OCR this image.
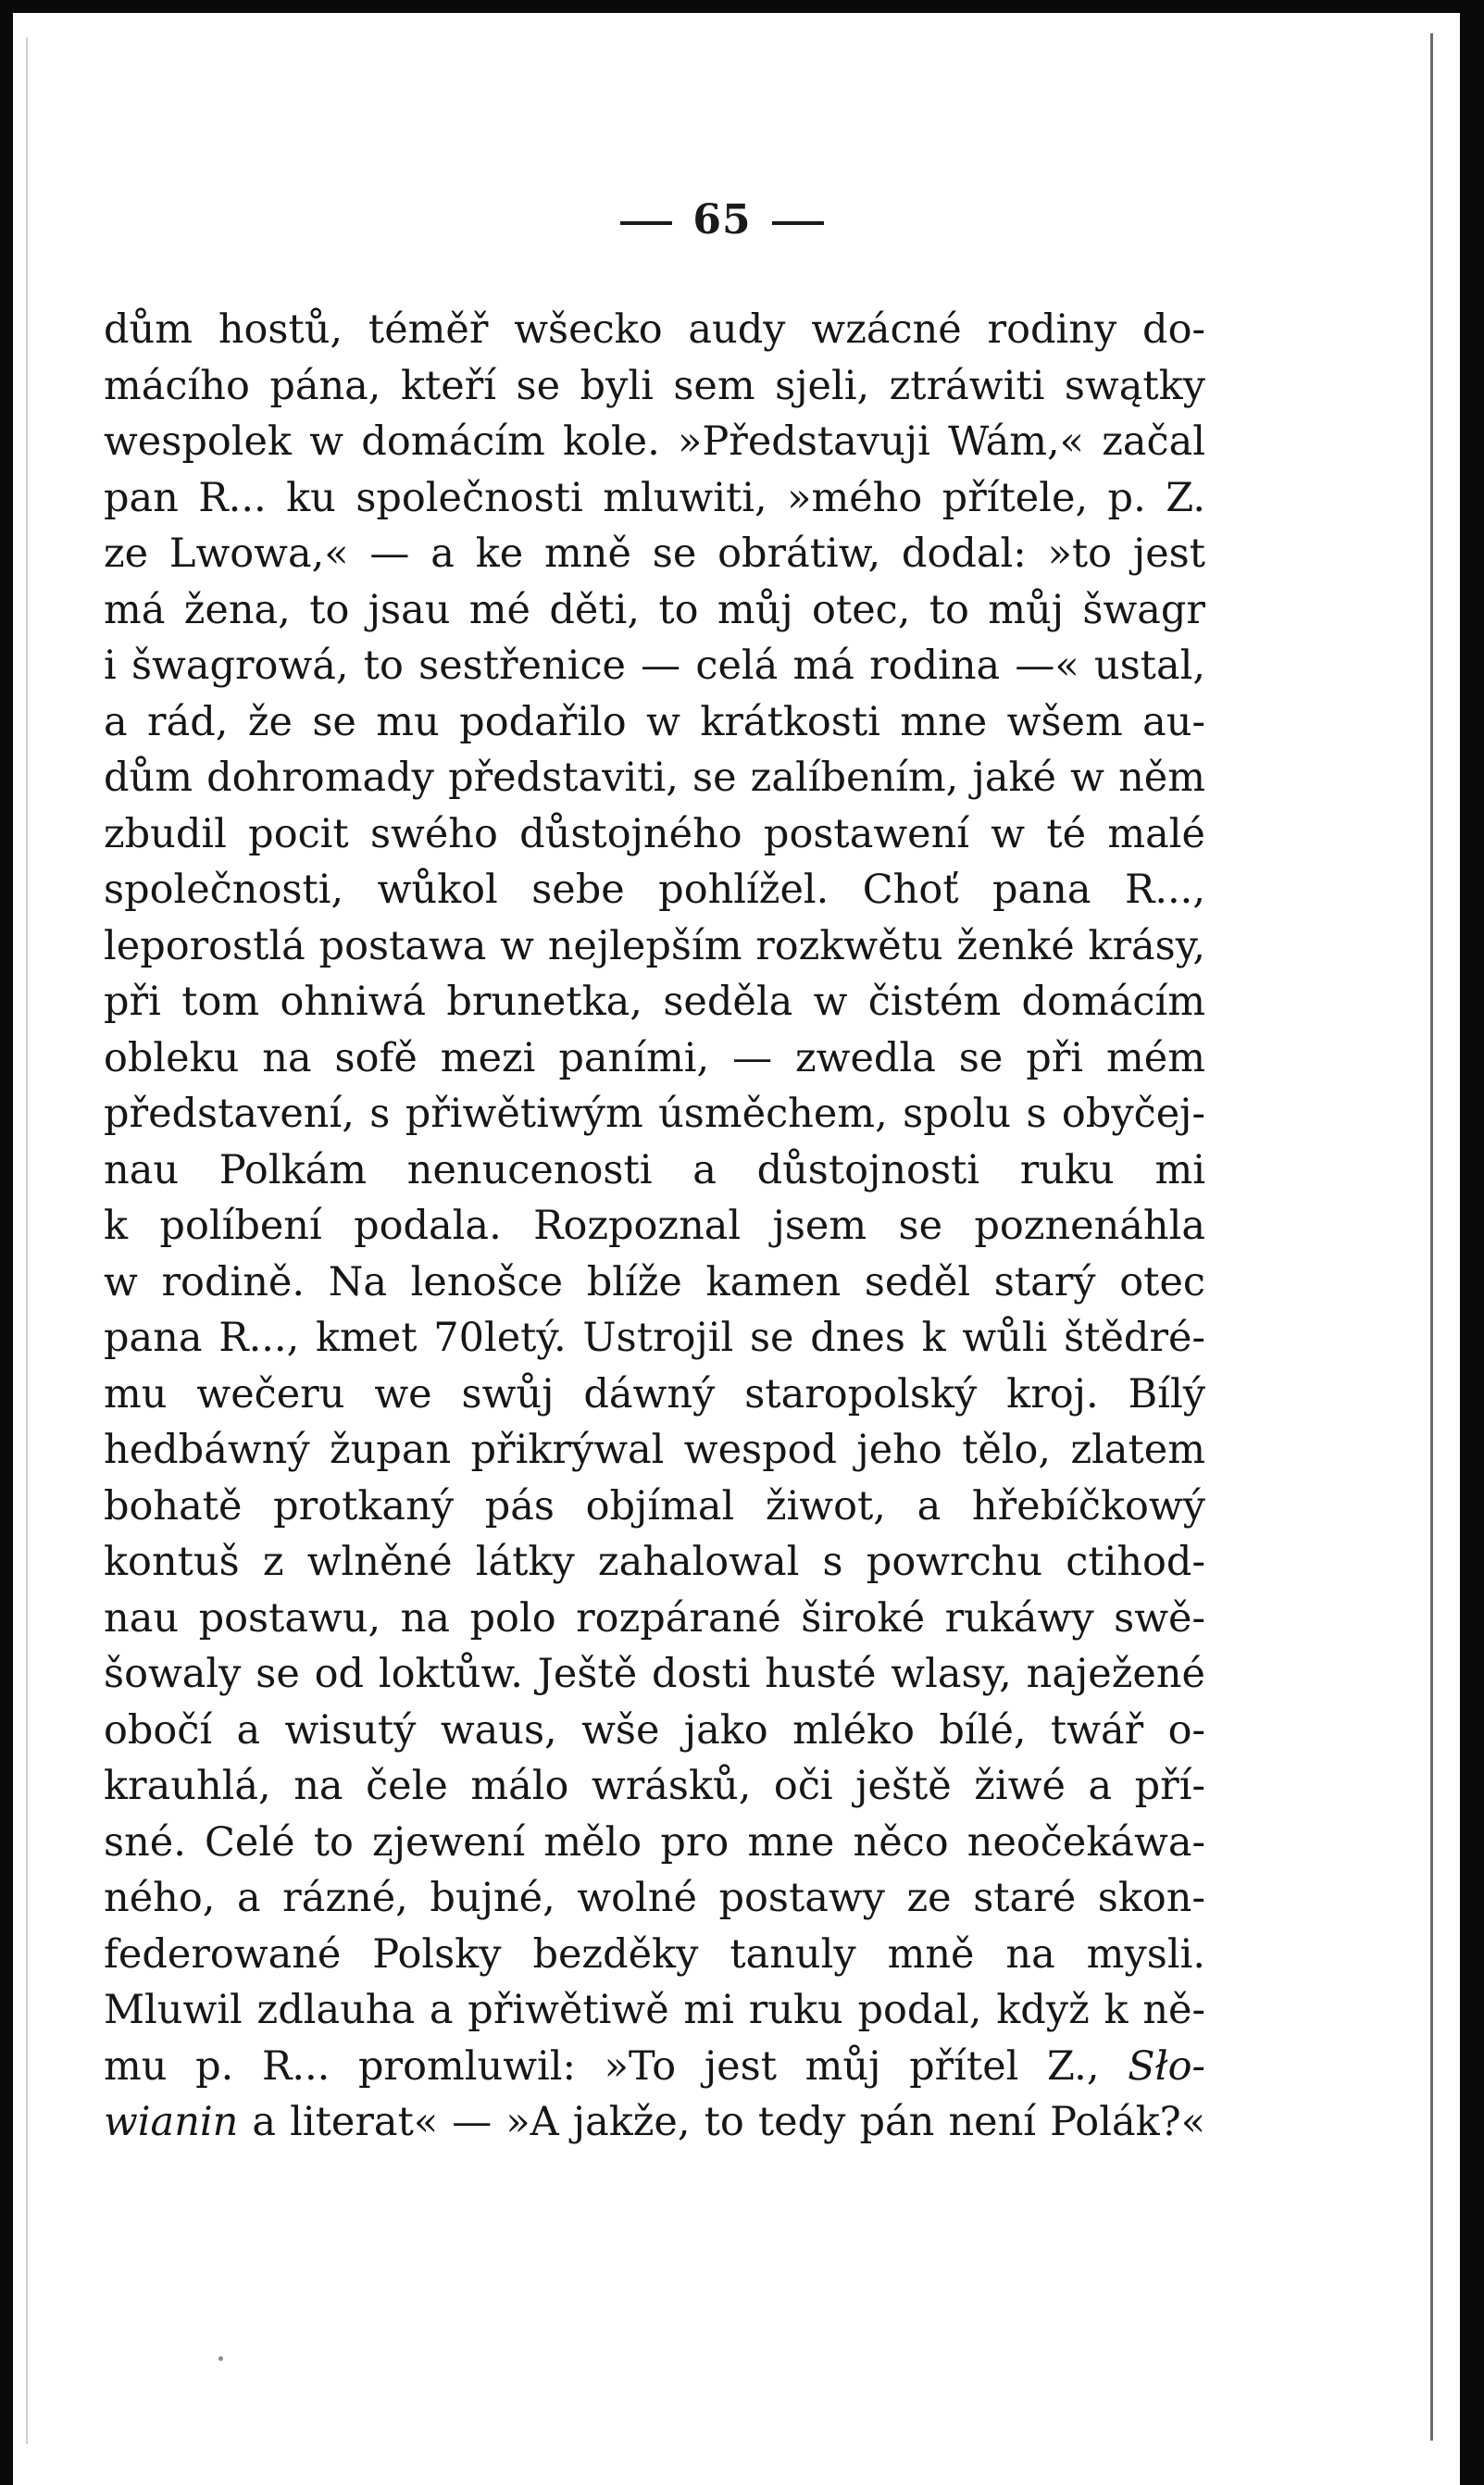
65
dům hostů, téměř wšecko audy wzácné rodiny do-
mácího pána, kteří se byli sem sjeli, ztráwiti swątky
wespolek w domácím kole. »Představuji Wám,« začal
pan R... ku společnosti mluwiti, »mého přítele, p. Z.
ze Lwowa,« — a ke mně se obrátiw, dodal: »to jest
má žena, to jsau mé děti, to můj otec, to můj šwagr
i šwagrowá, to sestřenice — celá má rodina —« ustal,
a rád, že se mu podařilo w krátkosti mne wšem au-
dům dohromady představiti, se zalíbením, jaké w něm
zbudil pocit swého důstojného postawení w té malé
společnosti, wůkol sebe pohlížel. Choť pana R...,
leporostlá postawa w nejlepším rozkwětu ženké krásy,
při tom ohniwá brunetka, seděla w čistém domácím
obleku na sofě mezi paními, — zwedla se při mém
představení, s přiwětiwým úsměchem, spolu s obyčej-
nau Polkám nenucenosti a důstojnosti ruku mi
k políbení podala. Rozpoznal jsem se poznenáhla
w rodině. Na lenošce blíže kamen seděl starý otec
pana R..., kmet 70letý. Ustrojil se dnes k wůli štědré-
mu wečeru we swůj dáwný staropolský kroj. Bílý
hedbáwný župan přikrýwal wespod jeho tělo, zlatem
bohatě protkaný pás objímal žiwot, a hřebíčkowý
kontuš z wlněné látky zahalowal s powrchu ctihod-
nau postawu, na polo rozpárané široké rukáwy swě-
šowaly se od loktůw. Ještě dosti husté wlasy, naježené
obočí a wisutý waus, wše jako mléko bílé, twář o-
krauhlá, na čele málo wrásků, oči ještě žiwé a pří-
sné. Celé to zjewení mělo pro mne něco neočekáwa-
ného, a rázné, bujné, wolné postawy ze staré skon-
federowané Polsky bezděky tanuly mně na mysli.
Mluwil zdlauha a přiwětiwě mi ruku podal, když k ně-
mu p. R... promluwil: »To jest můj přítel Z., Sło-
wianin a literat« — »A jakže, to tedy pán není Polák?«
